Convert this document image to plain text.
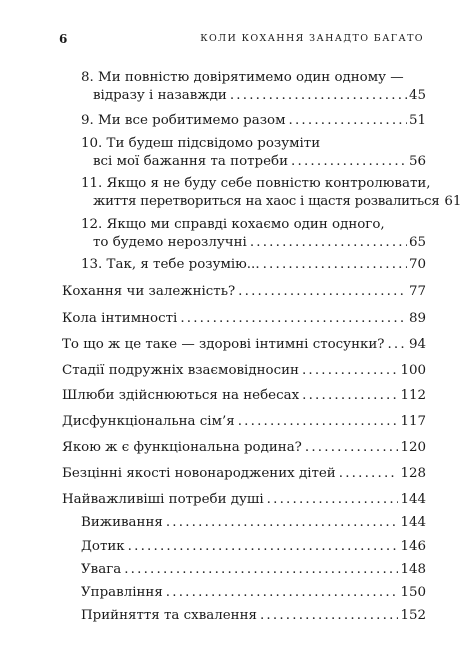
6	КОЛИ КОХАННЯ ЗАНАДТО БАГАТО
8. Ми повністю довірятимемо один одному —
відразу і назавжди .....	45
9. Ми все робитимемо разом .....	51
10. Ти будеш підсвідомо розуміти
всі мої бажання та потреби .....	56
11. Якщо я не буду себе повністю контролювати,
життя перетвориться на хаос і щастя розвалиться 61
12. Якщо ми справді кохаємо один одного,
то будемо нерозлучні .....	65
13. Так, я тебе розумію... .....	70
Кохання чи залежність? .....	77
Кола інтимності .....	89
То що ж це таке — здорові інтимні стосунки? ..... 94
Стадії подружніх взаємовідносин .....	100
Шлюби здійснюються на небесах .....	112
Дисфункціональна сім’я .....	117
Якою ж є функціональна родина? .....	120
Безцінні якості новонароджених дітей .....	128
Найважливіші потреби душі .....	144
Виживання .....	144
Дотик .....	146
Увага .....	148
Управління .....	150
Прийняття та схвалення .....	152
